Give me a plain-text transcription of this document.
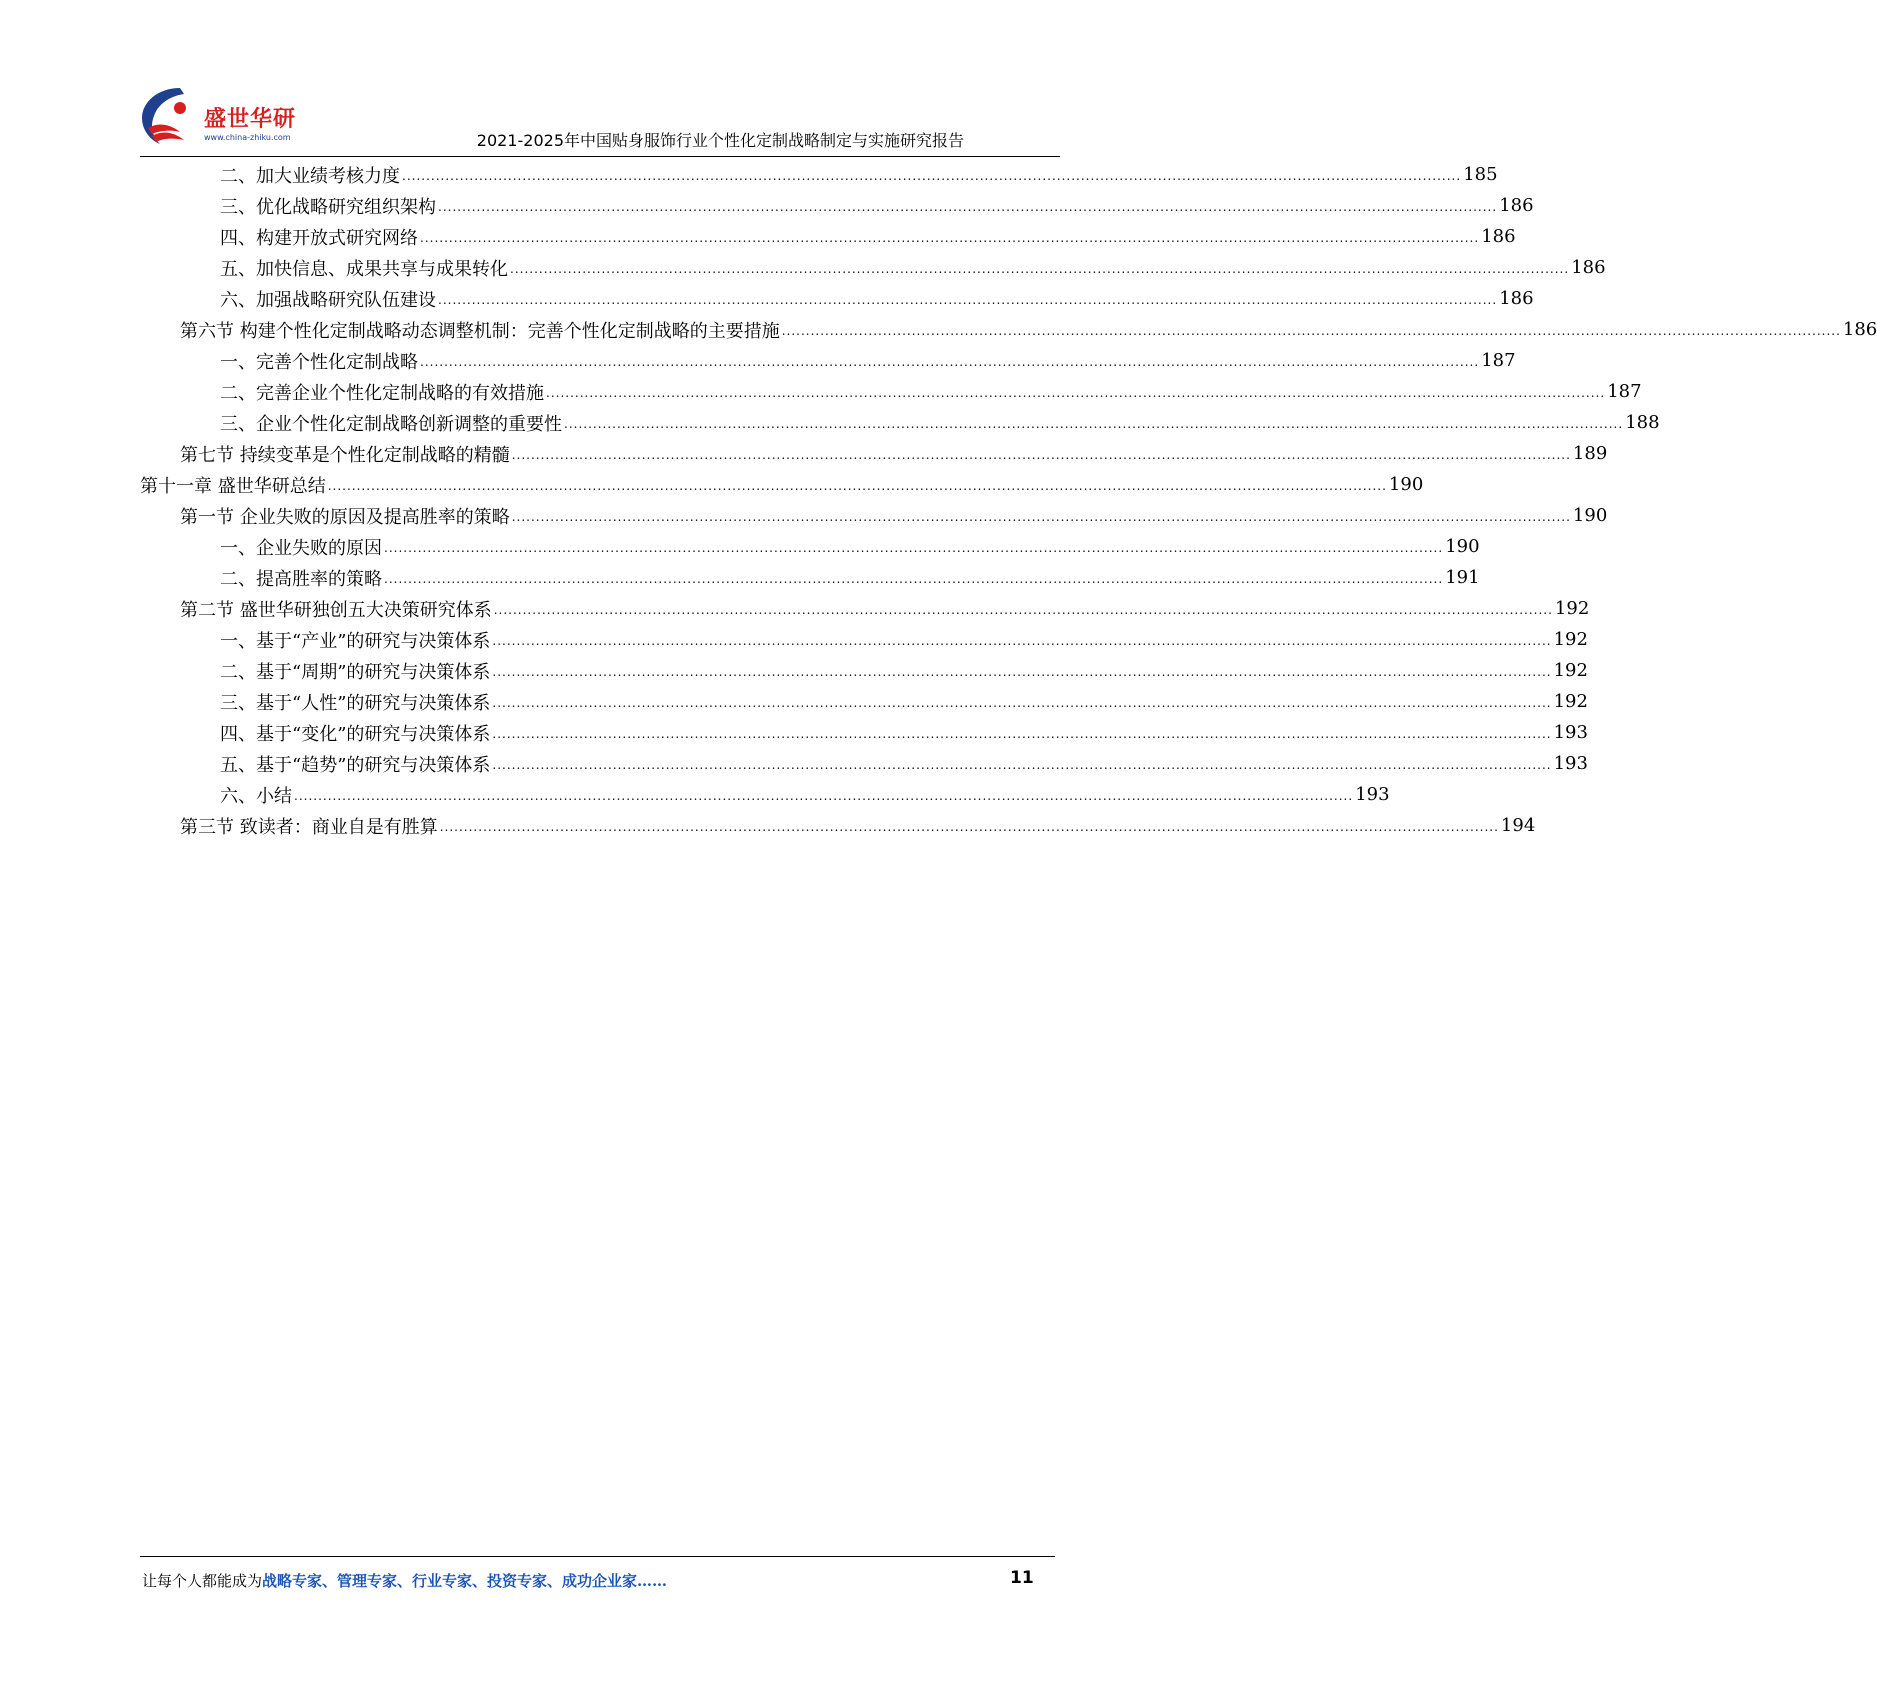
盛世华研
www.china-zhiku.com	2021-2025年中国贴身服饰行业个性化定制战略制定与实施研究报告
二、加大业绩考核力度 ............................................................................................................................................................................................................................ 185
三、优化战略研究组织架构 ............................................................................................................................................................................................................................ 186
四、构建开放式研究网络 ............................................................................................................................................................................................................................ 186
五、加快信息、成果共享与成果转化 ............................................................................................................................................................................................................................ 186
六、加强战略研究队伍建设 ............................................................................................................................................................................................................................ 186
第六节 构建个性化定制战略动态调整机制：完善个性化定制战略的主要措施 ............................................................................................................................................................................................................................ 186
一、完善个性化定制战略 ............................................................................................................................................................................................................................ 187
二、完善企业个性化定制战略的有效措施 ............................................................................................................................................................................................................................ 187
三、企业个性化定制战略创新调整的重要性 ............................................................................................................................................................................................................................ 188
第七节 持续变革是个性化定制战略的精髓 ............................................................................................................................................................................................................................ 189
第十一章 盛世华研总结 ............................................................................................................................................................................................................................ 190
第一节 企业失败的原因及提高胜率的策略 ............................................................................................................................................................................................................................ 190
一、企业失败的原因 ............................................................................................................................................................................................................................ 190
二、提高胜率的策略 ............................................................................................................................................................................................................................ 191
第二节 盛世华研独创五大决策研究体系 ............................................................................................................................................................................................................................ 192
一、基于“产业”的研究与决策体系 ............................................................................................................................................................................................................................ 192
二、基于“周期”的研究与决策体系 ............................................................................................................................................................................................................................ 192
三、基于“人性”的研究与决策体系 ............................................................................................................................................................................................................................ 192
四、基于“变化”的研究与决策体系 ............................................................................................................................................................................................................................ 193
五、基于“趋势”的研究与决策体系 ............................................................................................................................................................................................................................ 193
六、小结 ............................................................................................................................................................................................................................ 193
第三节 致读者：商业自是有胜算 ............................................................................................................................................................................................................................ 194
让每个人都能成为战略专家、管理专家、行业专家、投资专家、成功企业家……	11
